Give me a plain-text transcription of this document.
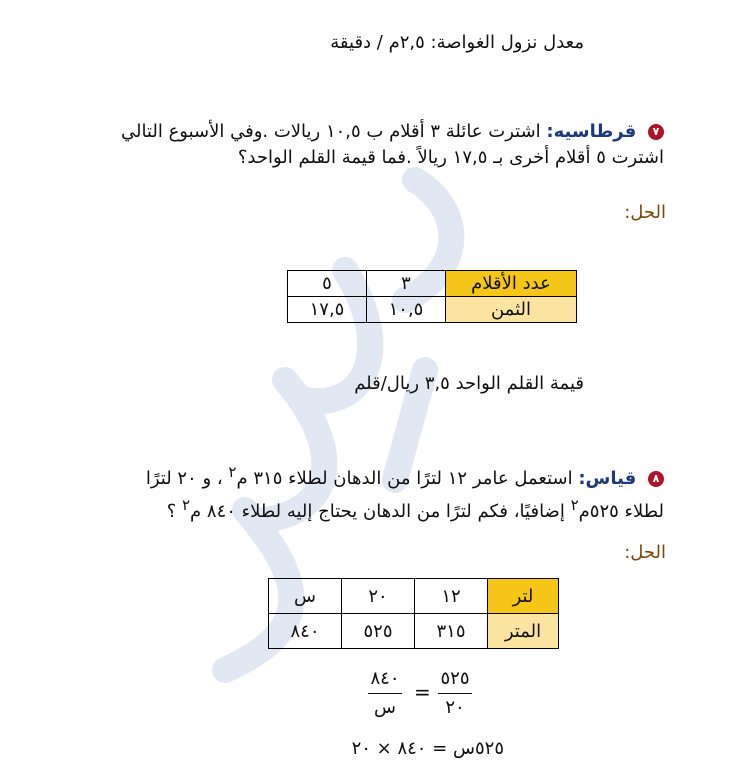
معدل نزول الغواصة: ٢,٥م / دقيقة
٧ قرطاسيه: اشترت عائلة ٣ أقلام ب ١٠,٥ ريالات .وفي الأسبوع التالي اشترت ٥ أقلام أخرى بـ ١٧,٥ ريالاً .فما قيمة القلم الواحد؟
الحل:
عدد الأقلام	٣	٥
الثمن	١٠,٥	١٧,٥
قيمة القلم الواحد ٣,٥ ريال/قلم
٨ قياس: استعمل عامر ١٢ لترًا من الدهان لطلاء ٣١٥ م$^٢$ ، و ٢٠ لترًا لطلاء ٥٢٥م$^٢$ إضافيًا، فكم لترًا من الدهان يحتاج إليه لطلاء ٨٤٠ م$^٢$ ؟
الحل:
لتر	١٢	٢٠	س
المتر	٣١٥	٥٢٥	٨٤٠
٨٤٠
س
=
٥٢٥
٢٠
٥٢٥س = ٨٤٠ × ٢٠
